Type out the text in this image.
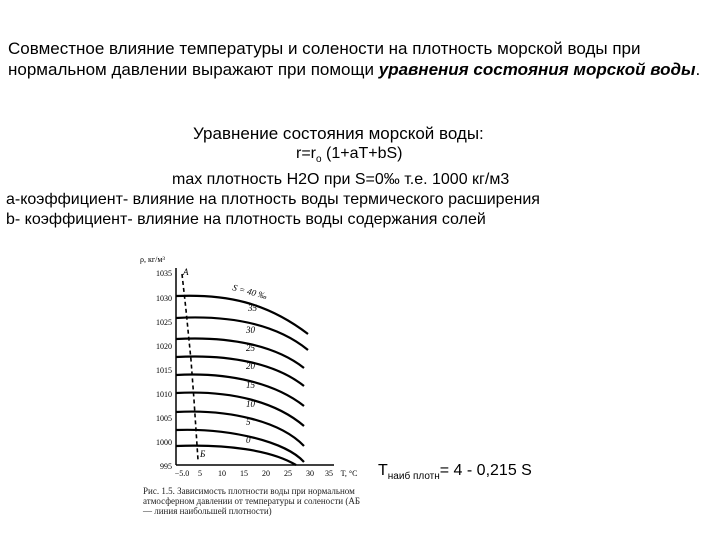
Совместное влияние температуры и солености на плотность морской воды при нормальном давлении выражают при помощи уравнения состояния морской воды.

Уравнение состояния морской воды:
$r=r_o$ (1+aT+bS)
max плотность H2O при S=0‰ т.е. 1000 кг/м3
a-коэффициент- влияние на плотность воды термического расширения
b- коэффициент- влияние на плотность воды содержания солей
ρ, кг/м³
1035
1030
1025
1020
1015
1010
1005
1000
995
−5.0 5 10 15 20 25 30 35 T, °C
A
Б
S = 40 ‰
35
30
25
20
15
10
5
0
Рис. 1.5. Зависимость плотности воды при нормальном атмосферном давлении от температуры и солености (АБ — линия наибольшей плотности)
$T_{наиб плотн}= 4 - 0,215$ S
